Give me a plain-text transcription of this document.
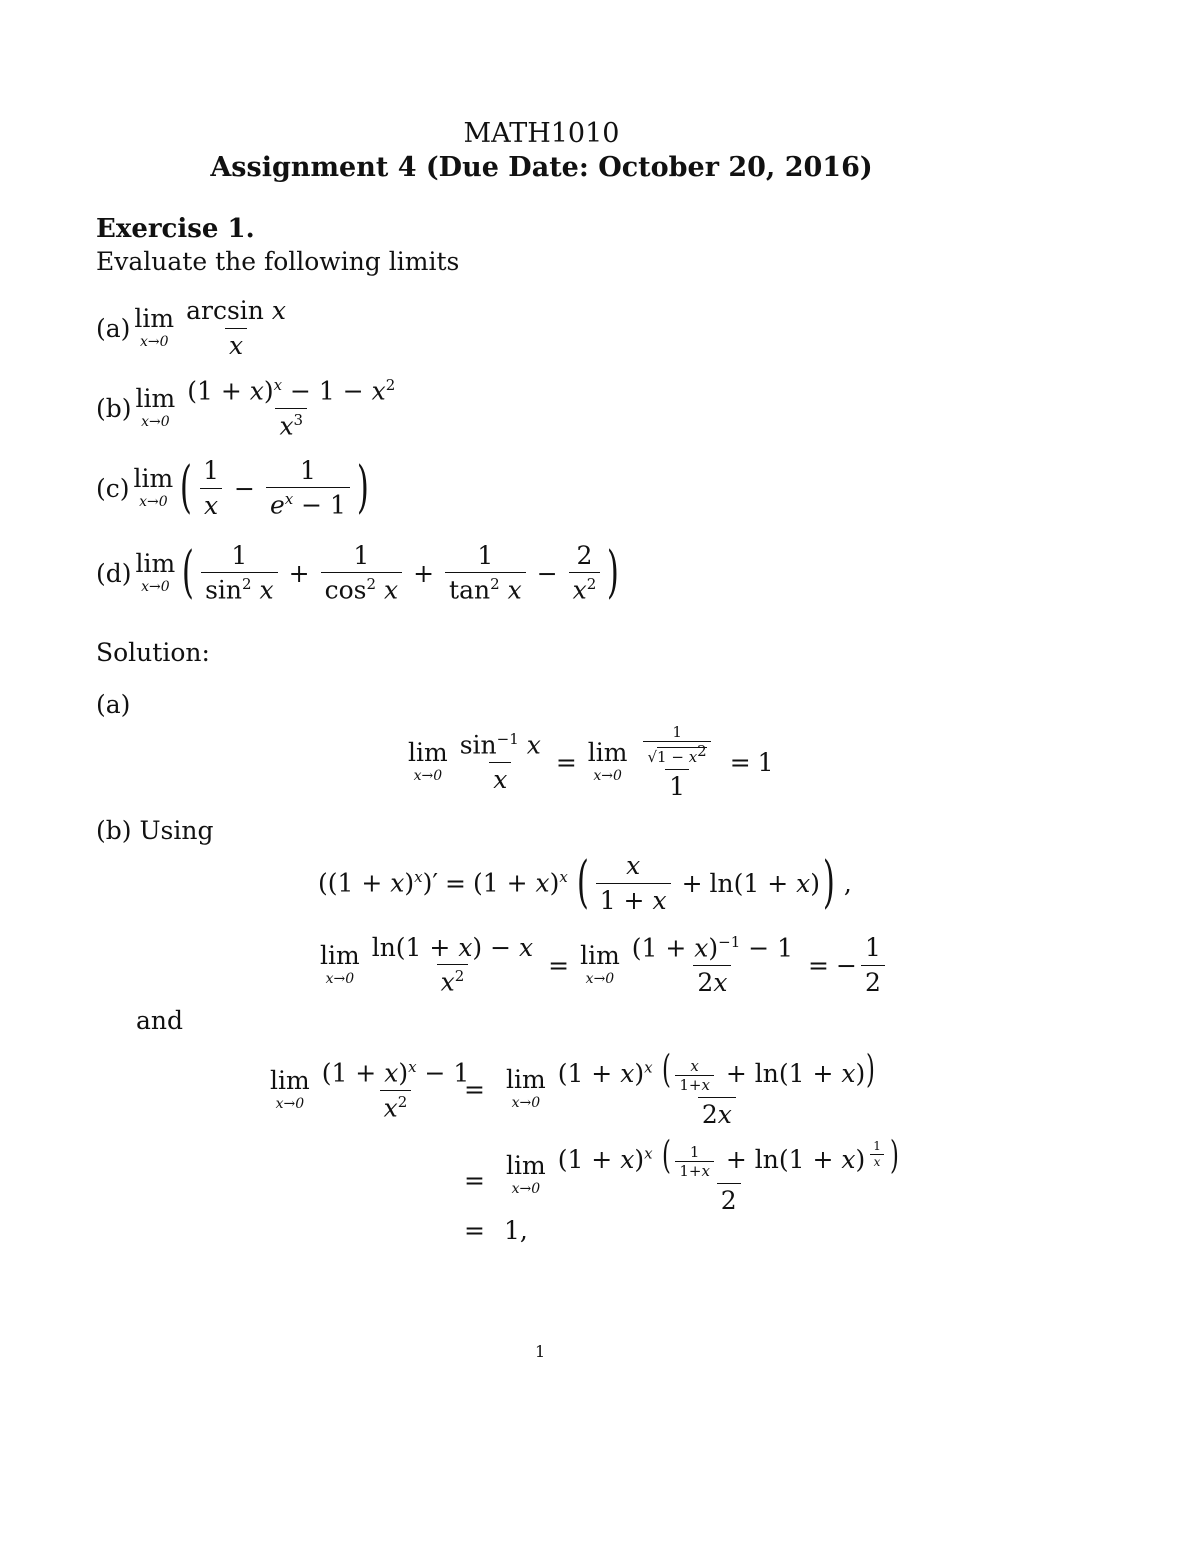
MATH1010
Assignment 4 (Due Date: October 20, 2016)
Exercise 1.
Evaluate the following limits
(a) lim
$x\to 0 \frac{\text{arcsin x}}{x}$
(b) lim
$x\to 0 \frac{(1 + x)^x - 1 - x^2}{x^3}$
(c) lim
x→0 ( $\frac{1}{x} - \frac{1}{e^x - 1}$ )
(d) lim
x→0 ( $\frac{1}{\sin^2 x} + \frac{1}{\cos^2 x} + \frac{1}{\tan^2 x} - \frac{2}{x^2}$ )
Solution:
(a)
lim
$x\to 0 \frac{\sin^{-1} x}{x} = \lim$
$x\to 0 \frac{\frac{1}{√1 - x^2}}{1} = 1$
(b) Using
$((1 + x)^x)' = (1 + x)^x$ ( $\frac{x}{1 + x} + \ln(1 + x)$ ) ,
lim
$x\to 0 \frac{\ln(1 + x) - x}{x^2} = \lim$
$x\to 0 \frac{(1 + x)^{-1} - 1}{2x}$ = − $\frac{1}{2}$
and
lim
$x\to 0 \frac{(1 + x)^x - 1}{x^2}$
= lim
$x\to 0 \frac{(1 + x)^x ( \frac{x}{1+x} + \ln(1 + x))}{2x}$
=
lim
x→0 $(1 + x)^x$ ( $\frac{1}{1+x} + \ln(1 + x)$ $^{\frac{1}{x}}$ )
2
= 1,
1
